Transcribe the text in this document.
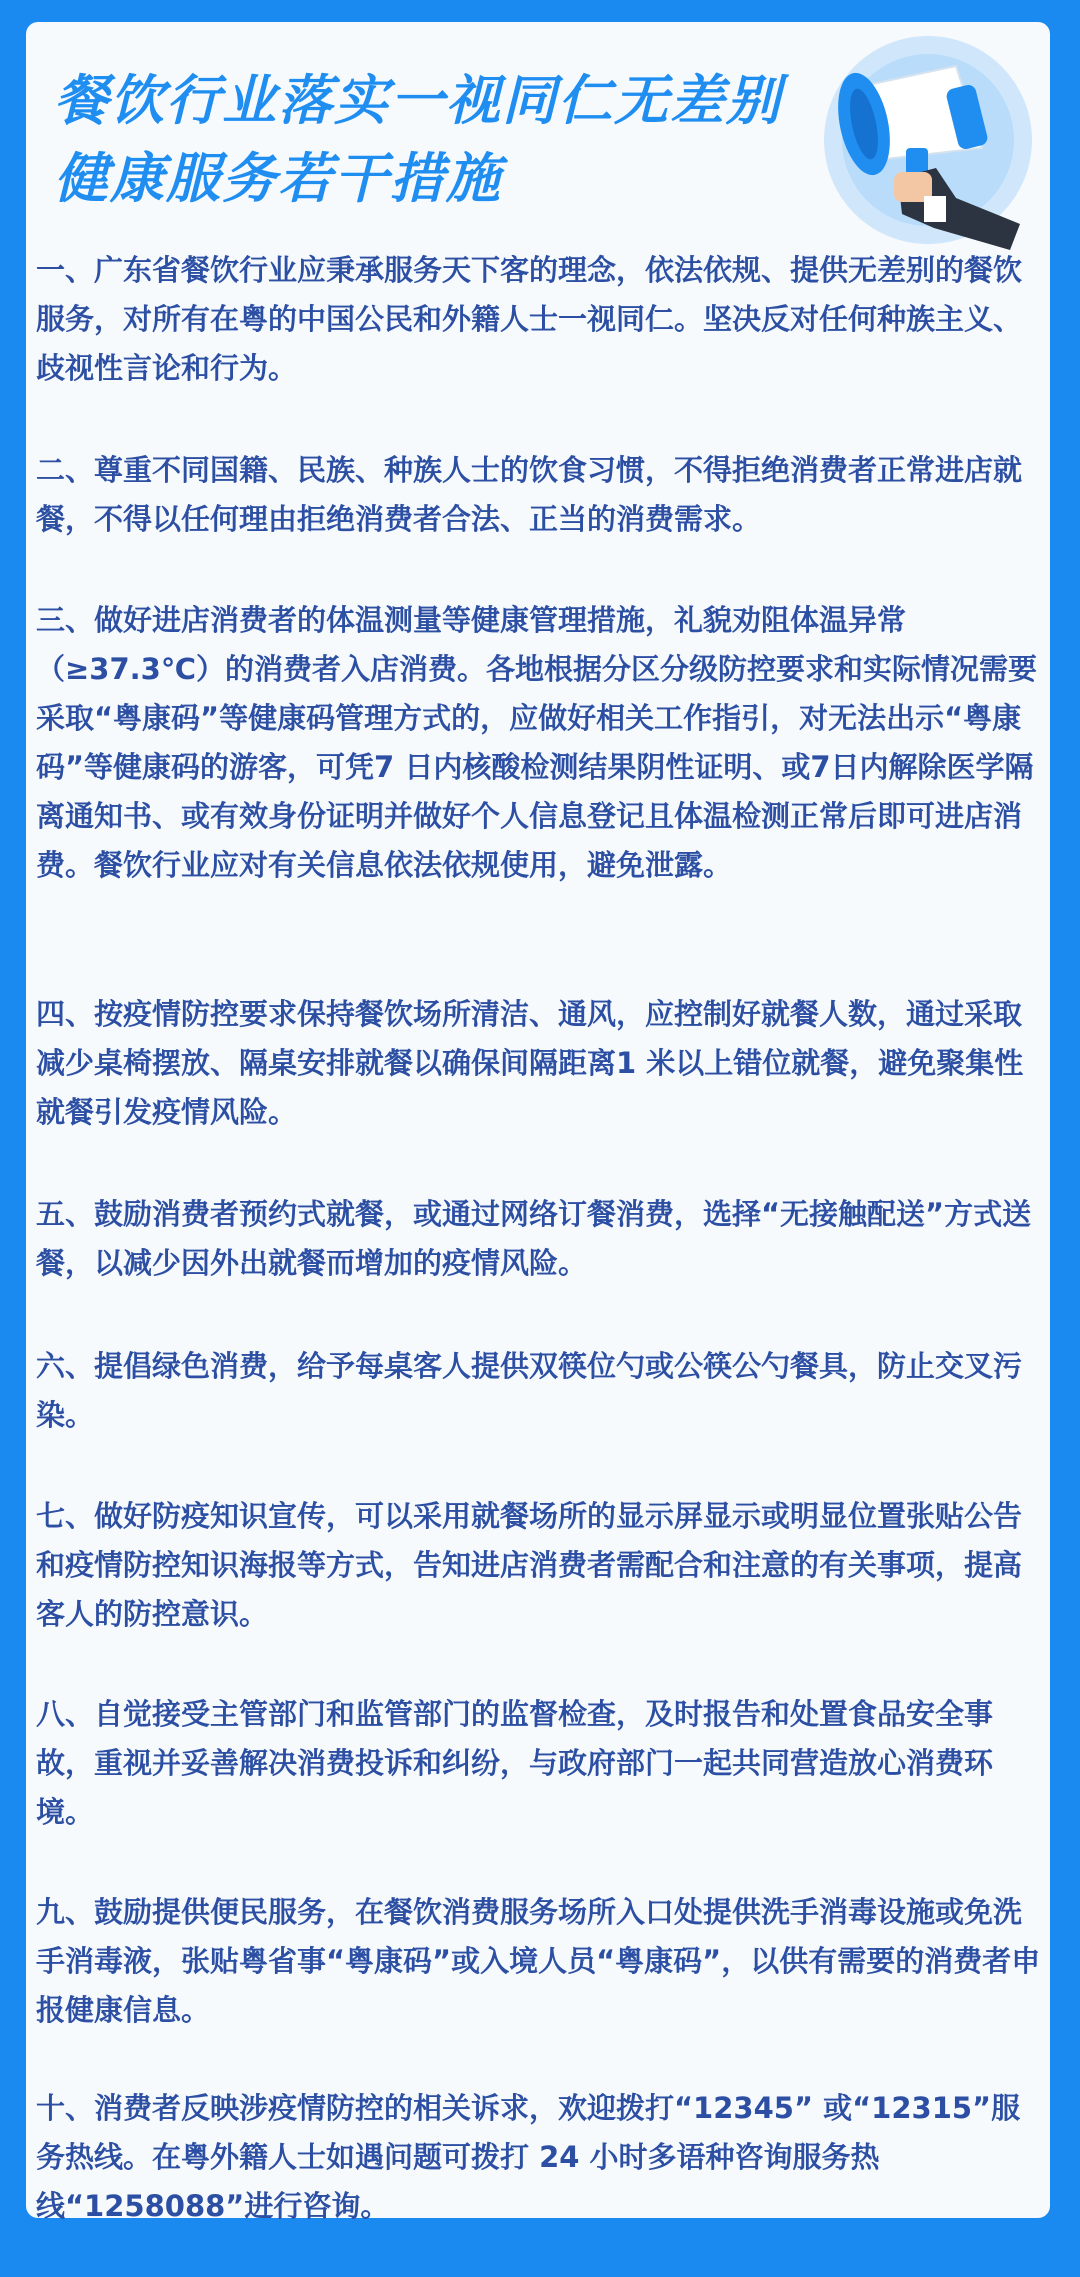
餐饮行业落实一视同仁无差别健康服务若干措施

一、广东省餐饮行业应秉承服务天下客的理念，依法依规、提供无差别的餐饮服务，对所有在粤的中国公民和外籍人士一视同仁。坚决反对任何种族主义、歧视性言论和行为。

二、尊重不同国籍、民族、种族人士的饮食习惯，不得拒绝消费者正常进店就餐，不得以任何理由拒绝消费者合法、正当的消费需求。

三、做好进店消费者的体温测量等健康管理措施，礼貌劝阻体温异常（≥37.3℃）的消费者入店消费。各地根据分区分级防控要求和实际情况需要采取“粤康码”等健康码管理方式的，应做好相关工作指引，对无法出示“粤康码”等健康码的游客，可凭7 日内核酸检测结果阴性证明、或7日内解除医学隔离通知书、或有效身份证明并做好个人信息登记且体温检测正常后即可进店消费。餐饮行业应对有关信息依法依规使用，避免泄露。

四、按疫情防控要求保持餐饮场所清洁、通风，应控制好就餐人数，通过采取减少桌椅摆放、隔桌安排就餐以确保间隔距离1 米以上错位就餐，避免聚集性就餐引发疫情风险。

五、鼓励消费者预约式就餐，或通过网络订餐消费，选择“无接触配送”方式送餐，以减少因外出就餐而增加的疫情风险。

六、提倡绿色消费，给予每桌客人提供双筷位勺或公筷公勺餐具，防止交叉污染。

七、做好防疫知识宣传，可以采用就餐场所的显示屏显示或明显位置张贴公告和疫情防控知识海报等方式，告知进店消费者需配合和注意的有关事项，提高客人的防控意识。

八、自觉接受主管部门和监管部门的监督检查，及时报告和处置食品安全事故，重视并妥善解决消费投诉和纠纷，与政府部门一起共同营造放心消费环境。

九、鼓励提供便民服务，在餐饮消费服务场所入口处提供洗手消毒设施或免洗手消毒液，张贴粤省事“粤康码”或入境人员“粤康码”，以供有需要的消费者申报健康信息。

十、消费者反映涉疫情防控的相关诉求，欢迎拨打“12345” 或“12315”服务热线。在粤外籍人士如遇问题可拨打 24 小时多语种咨询服务热线“1258088”进行咨询。
